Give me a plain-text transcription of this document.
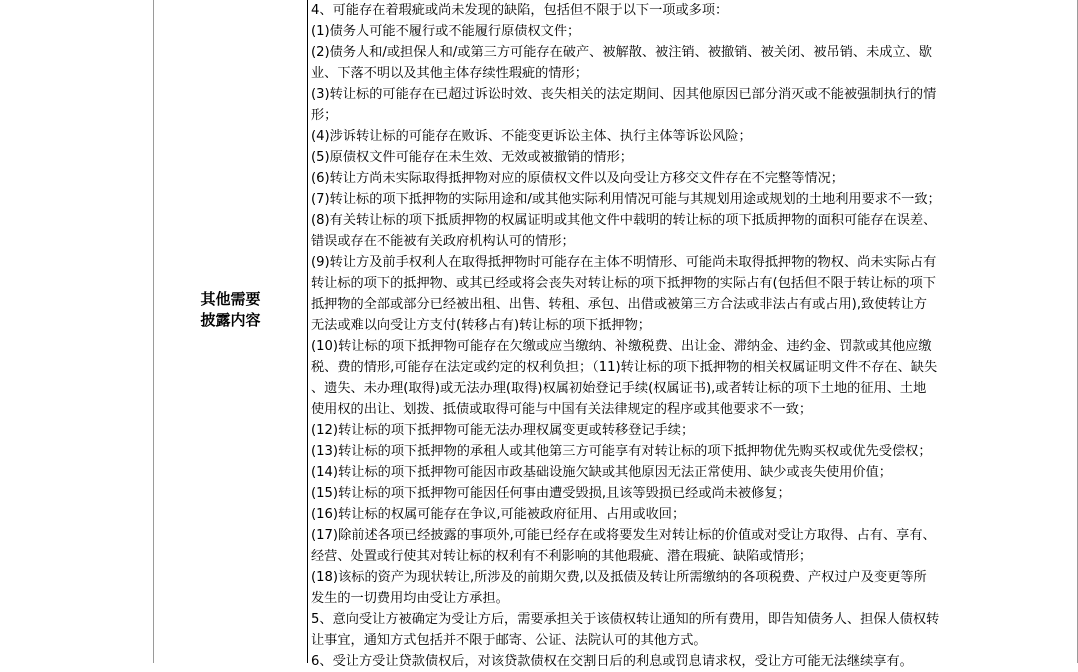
其他需要
披露内容
4、可能存在着瑕疵或尚未发现的缺陷，包括但不限于以下一项或多项：
(1)债务人可能不履行或不能履行原债权文件；
(2)债务人和/或担保人和/或第三方可能存在破产、被解散、被注销、被撤销、被关闭、被吊销、未成立、歇
业、下落不明以及其他主体存续性瑕疵的情形；
(3)转让标的可能存在已超过诉讼时效、丧失相关的法定期间、因其他原因已部分消灭或不能被强制执行的情
形；
(4)涉诉转让标的可能存在败诉、不能变更诉讼主体、执行主体等诉讼风险；
(5)原债权文件可能存在未生效、无效或被撤销的情形；
(6)转让方尚未实际取得抵押物对应的原债权文件以及向受让方移交文件存在不完整等情况；
(7)转让标的项下抵押物的实际用途和/或其他实际利用情况可能与其规划用途或规划的土地利用要求不一致；
(8)有关转让标的项下抵质押物的权属证明或其他文件中载明的转让标的项下抵质押物的面积可能存在误差、
错误或存在不能被有关政府机构认可的情形；
(9)转让方及前手权利人在取得抵押物时可能存在主体不明情形、可能尚未取得抵押物的物权、尚未实际占有
转让标的项下的抵押物、或其已经或将会丧失对转让标的项下抵押物的实际占有(包括但不限于转让标的项下
抵押物的全部或部分已经被出租、出售、转租、承包、出借或被第三方合法或非法占有或占用),致使转让方
无法或难以向受让方支付(转移占有)转让标的项下抵押物；
(10)转让标的项下抵押物可能存在欠缴或应当缴纳、补缴税费、出让金、滞纳金、违约金、罚款或其他应缴
税、费的情形,可能存在法定或约定的权利负担；（11)转让标的项下抵押物的相关权属证明文件不存在、缺失
、遗失、未办理(取得)或无法办理(取得)权属初始登记手续(权属证书),或者转让标的项下土地的征用、土地
使用权的出让、划拨、抵债或取得可能与中国有关法律规定的程序或其他要求不一致；
(12)转让标的项下抵押物可能无法办理权属变更或转移登记手续；
(13)转让标的项下抵押物的承租人或其他第三方可能享有对转让标的项下抵押物优先购买权或优先受偿权；
(14)转让标的项下抵押物可能因市政基础设施欠缺或其他原因无法正常使用、缺少或丧失使用价值；
(15)转让标的项下抵押物可能因任何事由遭受毁损,且该等毁损已经或尚未被修复；
(16)转让标的权属可能存在争议,可能被政府征用、占用或收回；
(17)除前述各项已经披露的事项外,可能已经存在或将要发生对转让标的价值或对受让方取得、占有、享有、
经营、处置或行使其对转让标的权利有不利影响的其他瑕疵、潜在瑕疵、缺陷或情形；
(18)该标的资产为现状转让,所涉及的前期欠费,以及抵债及转让所需缴纳的各项税费、产权过户及变更等所
发生的一切费用均由受让方承担。
5、意向受让方被确定为受让方后，需要承担关于该债权转让通知的所有费用，即告知债务人、担保人债权转
让事宜，通知方式包括并不限于邮寄、公证、法院认可的其他方式。
6、受让方受让贷款债权后，对该贷款债权在交割日后的利息或罚息请求权，受让方可能无法继续享有。
